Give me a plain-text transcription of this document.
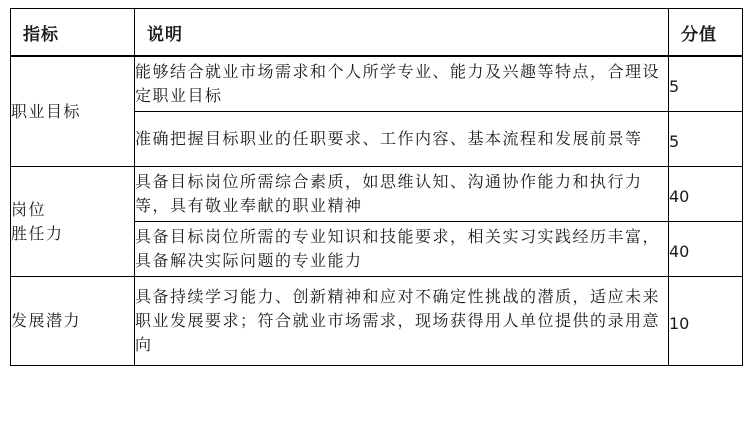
指标	说明	分值

职业目标	能够结合就业市场需求和个人所学专业、能力及兴趣等特点，合理设定职业目标	5
	准确把握目标职业的任职要求、工作内容、基本流程和发展前景等	5

岗位
胜任力	具备目标岗位所需综合素质，如思维认知、沟通协作能力和执行力等，具有敬业奉献的职业精神	40
	具备目标岗位所需的专业知识和技能要求，相关实习实践经历丰富，具备解决实际问题的专业能力	40

发展潜力	具备持续学习能力、创新精神和应对不确定性挑战的潜质，适应未来职业发展要求；符合就业市场需求，现场获得用人单位提供的录用意向	10
